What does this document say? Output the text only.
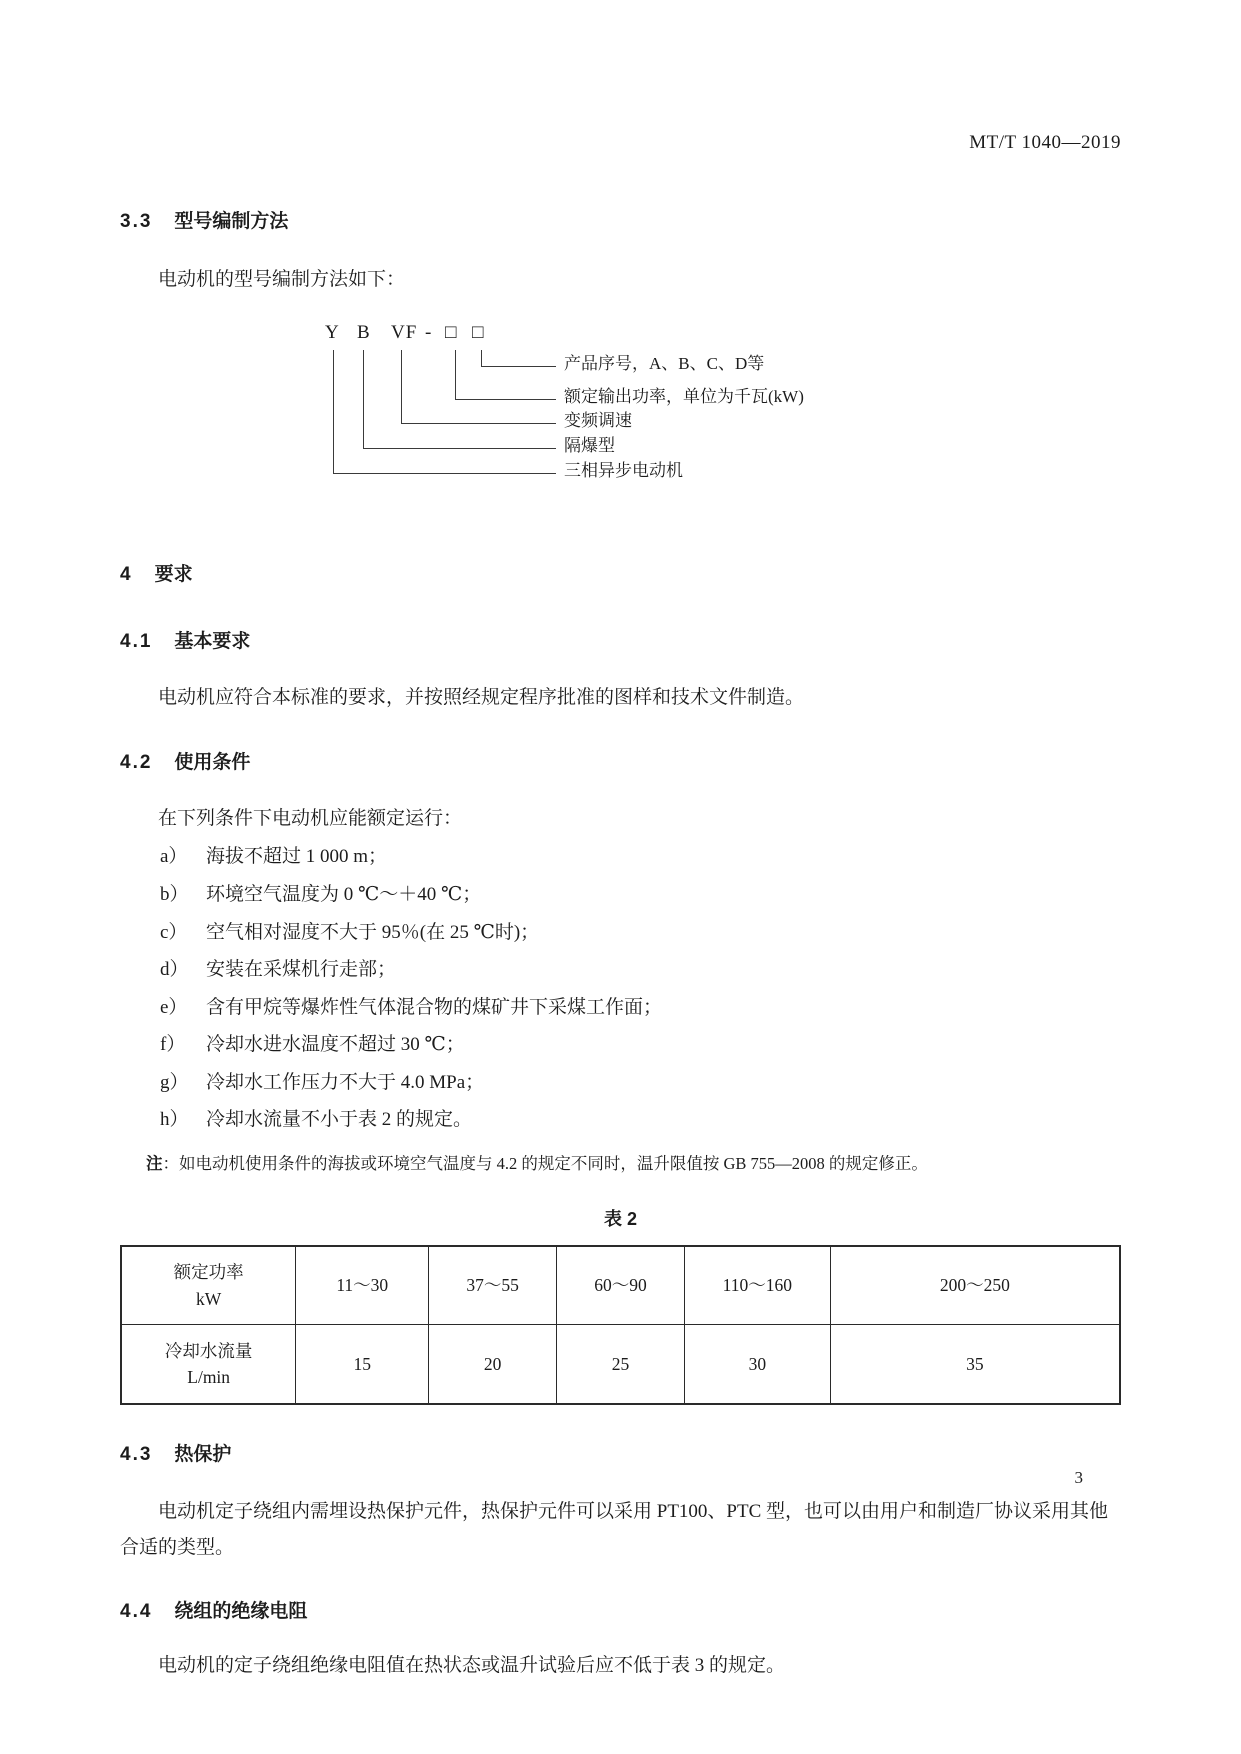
MT/T 1040—2019
3.3 型号编制方法
电动机的型号编制方法如下：
Y B VF - □ □
产品序号，A、B、C、D等
额定输出功率，单位为千瓦(kW)
变频调速
隔爆型
三相异步电动机
4 要求
4.1 基本要求
电动机应符合本标准的要求，并按照经规定程序批准的图样和技术文件制造。
4.2 使用条件
在下列条件下电动机应能额定运行：
a） 海拔不超过 1 000 m；
b） 环境空气温度为 0 ℃～＋40 ℃；
c） 空气相对湿度不大于 95％(在 25 ℃时)；
d） 安装在采煤机行走部；
e） 含有甲烷等爆炸性气体混合物的煤矿井下采煤工作面；
f）	冷却水进水温度不超过 30 ℃；
g） 冷却水工作压力不大于 4.0 MPa；
h） 冷却水流量不小于表 2 的规定。
注：如电动机使用条件的海拔或环境空气温度与 4.2 的规定不同时，温升限值按 GB 755—2008 的规定修正。
表 2
额定功率
kW	11～30	37～55	60～90	110～160	200～250

冷却水流量
L/min	15	20	25	30	35
4.3 热保护
电动机定子绕组内需埋设热保护元件，热保护元件可以采用 PT100、PTC 型，也可以由用户和制造厂协议采用其他合适的类型。
4.4 绕组的绝缘电阻
电动机的定子绕组绝缘电阻值在热状态或温升试验后应不低于表 3 的规定。
3
